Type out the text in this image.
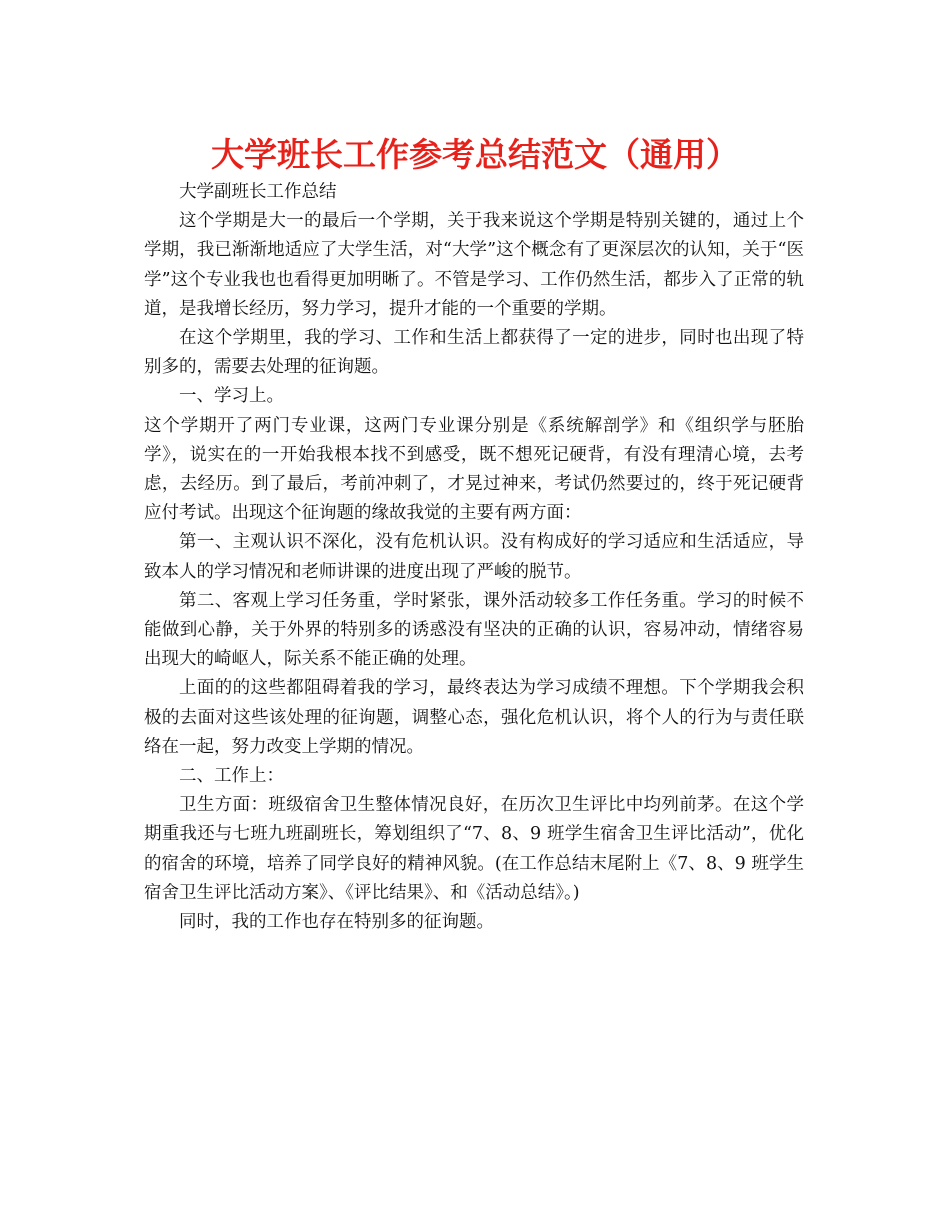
大学班长工作参考总结范文（通用）

大学副班长工作总结

这个学期是大一的最后一个学期，关于我来说这个学期是特别关键的，通过上个学期，我已渐渐地适应了大学生活，对“大学”这个概念有了更深层次的认知，关于“医学”这个专业我也也看得更加明晰了。不管是学习、工作仍然生活，都步入了正常的轨道，是我增长经历，努力学习，提升才能的一个重要的学期。

在这个学期里，我的学习、工作和生活上都获得了一定的进步，同时也出现了特别多的，需要去处理的征询题。

一、学习上。

这个学期开了两门专业课，这两门专业课分别是《系统解剖学》和《组织学与胚胎学》，说实在的一开始我根本找不到感受，既不想死记硬背，有没有理清心境，去考虑，去经历。到了最后，考前冲刺了，才晃过神来，考试仍然要过的，终于死记硬背应付考试。出现这个征询题的缘故我觉的主要有两方面：

第一、主观认识不深化，没有危机认识。没有构成好的学习适应和生活适应，导致本人的学习情况和老师讲课的进度出现了严峻的脱节。

第二、客观上学习任务重，学时紧张，课外活动较多工作任务重。学习的时候不能做到心静，关于外界的特别多的诱惑没有坚决的正确的认识，容易冲动，情绪容易出现大的崎岖人，际关系不能正确的处理。

上面的的这些都阻碍着我的学习，最终表达为学习成绩不理想。下个学期我会积极的去面对这些该处理的征询题，调整心态，强化危机认识，将个人的行为与责任联络在一起，努力改变上学期的情况。

二、工作上：

卫生方面：班级宿舍卫生整体情况良好，在历次卫生评比中均列前茅。在这个学期重我还与七班九班副班长，筹划组织了“7、8、9 班学生宿舍卫生评比活动”，优化的宿舍的环境，培养了同学良好的精神风貌。(在工作总结末尾附上《7、8、9 班学生宿舍卫生评比活动方案》、《评比结果》、和《活动总结》。)

同时，我的工作也存在特别多的征询题。
